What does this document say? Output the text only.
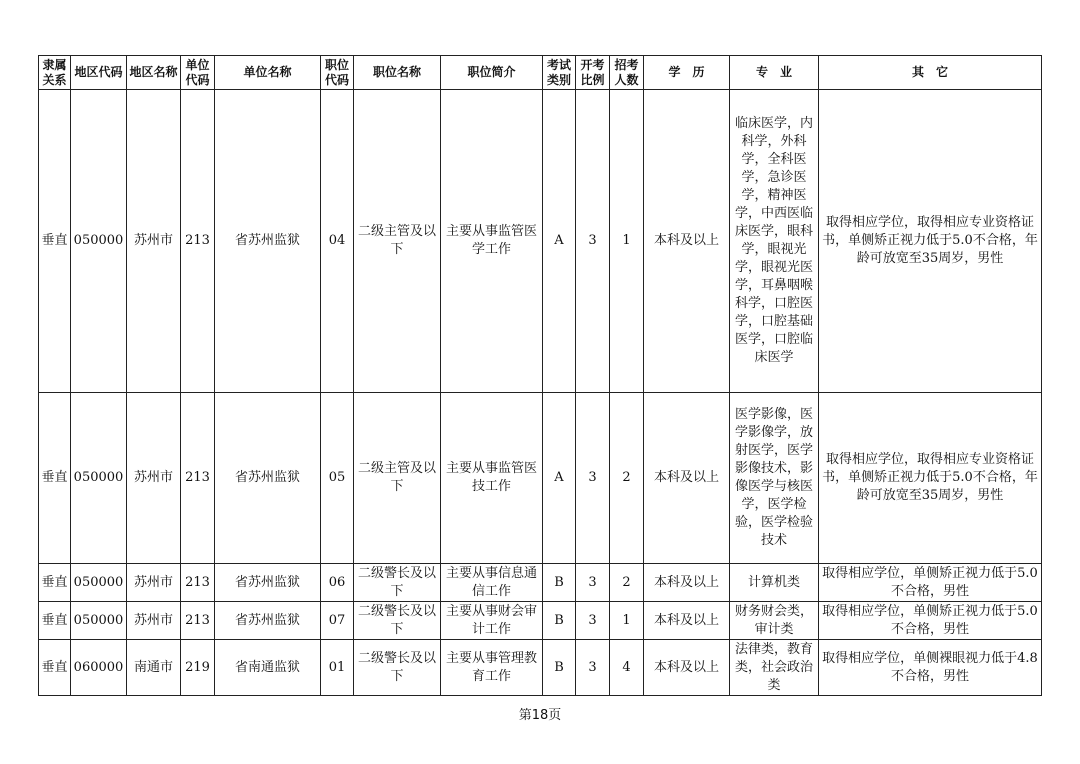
隶属关系	地区代码	地区名称	单位代码	单位名称	职位代码	职位名称	职位简介	考试类别	开考比例	招考人数	学　历	专　业	其　它
垂直	050000	苏州市	213	省苏州监狱	04	二级主管及以下	主要从事监管医学工作	A	3	1	本科及以上	临床医学，内科学，外科学，全科医学，急诊医学，精神医学，中西医临床医学，眼科学，眼视光学，眼视光医学，耳鼻咽喉科学，口腔医学，口腔基础医学，口腔临床医学	取得相应学位，取得相应专业资格证书，单侧矫正视力低于5.0不合格，年龄可放宽至35周岁，男性
垂直	050000	苏州市	213	省苏州监狱	05	二级主管及以下	主要从事监管医技工作	A	3	2	本科及以上	医学影像，医学影像学，放射医学，医学影像技术，影像医学与核医学，医学检验，医学检验技术	取得相应学位，取得相应专业资格证书，单侧矫正视力低于5.0不合格，年龄可放宽至35周岁，男性
垂直	050000	苏州市	213	省苏州监狱	06	二级警长及以下	主要从事信息通信工作	B	3	2	本科及以上	计算机类	取得相应学位，单侧矫正视力低于5.0不合格，男性
垂直	050000	苏州市	213	省苏州监狱	07	二级警长及以下	主要从事财会审计工作	B	3	1	本科及以上	财务财会类，审计类	取得相应学位，单侧矫正视力低于5.0不合格，男性
垂直	060000	南通市	219	省南通监狱	01	二级警长及以下	主要从事管理教育工作	B	3	4	本科及以上	法律类，教育类，社会政治类	取得相应学位，单侧裸眼视力低于4.8不合格，男性
第18页
